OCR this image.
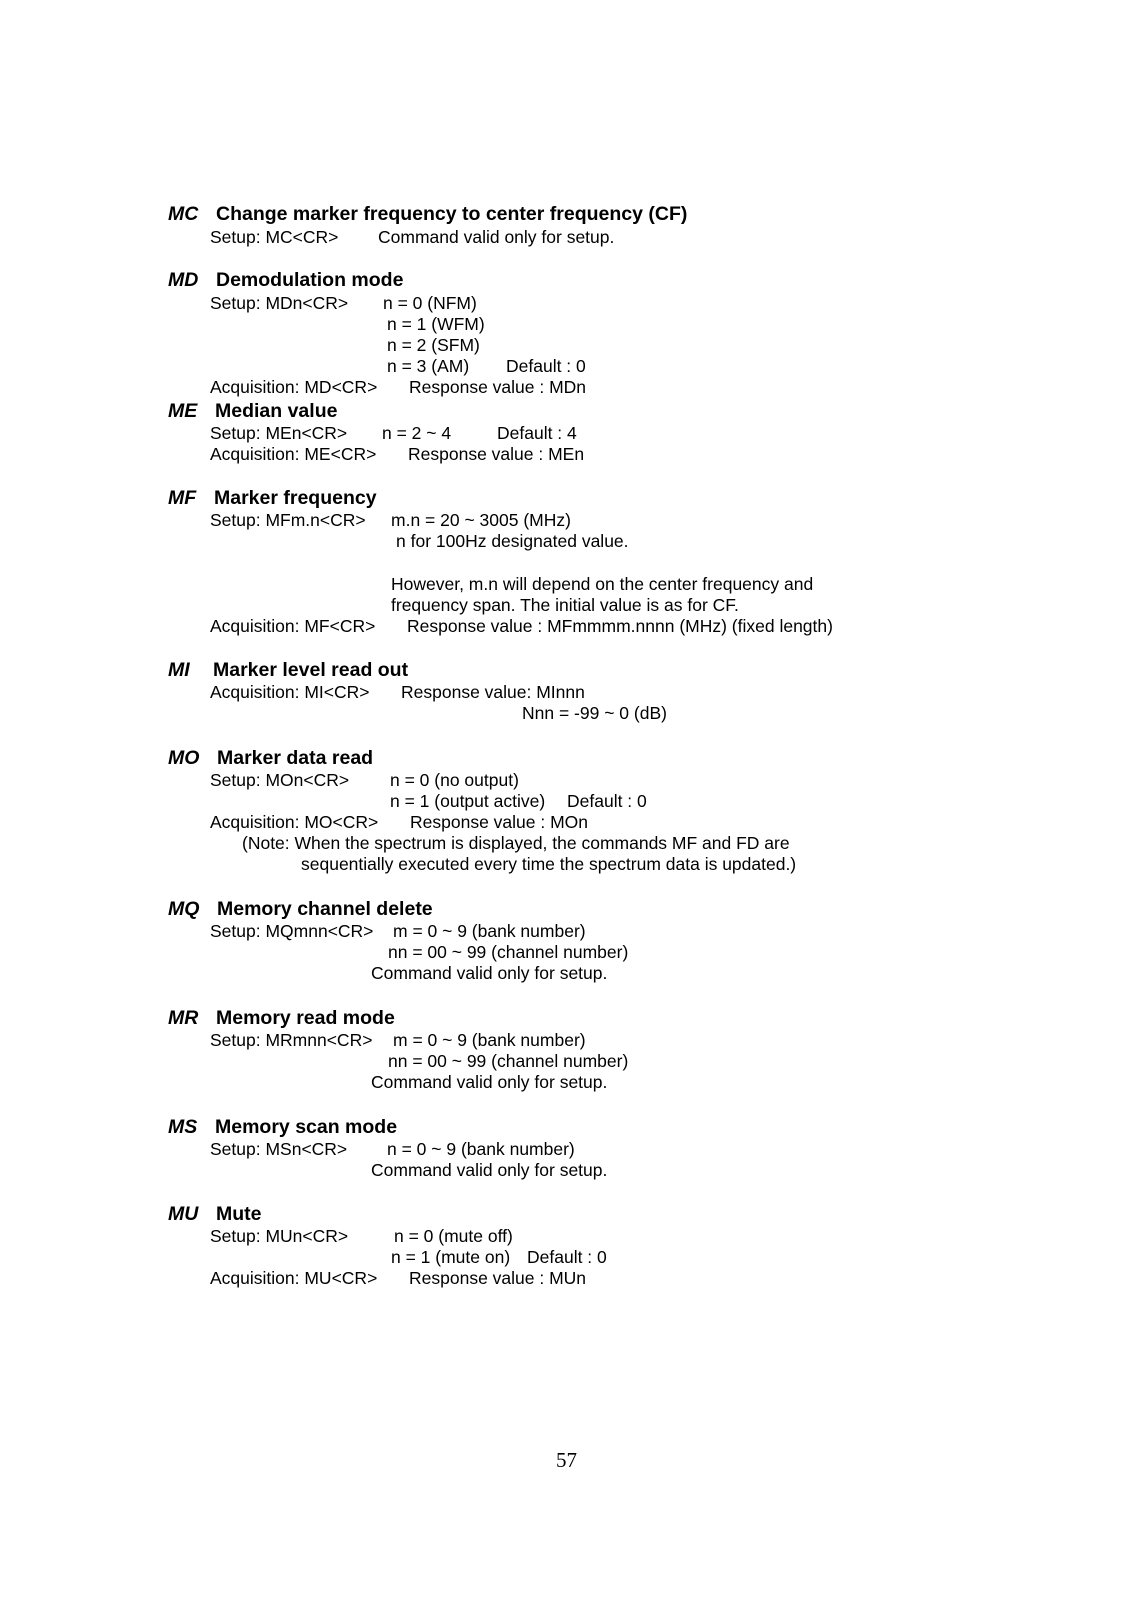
MC Change marker frequency to center frequency (CF)
Setup: MC<CR> Command valid only for setup.
MD Demodulation mode
Setup: MDn<CR> n = 0 (NFM)
n = 1 (WFM)
n = 2 (SFM)
n = 3 (AM) Default : 0
Acquisition: MD<CR> Response value : MDn
ME Median value
Setup: MEn<CR> n = 2 ~ 4	Default : 4
Acquisition: ME<CR> Response value : MEn
MF Marker frequency
Setup: MFm.n<CR> m.n = 20 ~ 3005 (MHz)
n for 100Hz designated value.
However, m.n will depend on the center frequency and
frequency span. The initial value is as for CF.
Acquisition: MF<CR> Response value : MFmmmm.nnnn (MHz) (fixed length)
MI Marker level read out
Acquisition: MI<CR> Response value: MInnn
Nnn = -99 ~ 0 (dB)
MO Marker data read
Setup: MOn<CR> n = 0 (no output)
n = 1 (output active) Default : 0
Acquisition: MO<CR> Response value : MOn
(Note: When the spectrum is displayed, the commands MF and FD are
sequentially executed every time the spectrum data is updated.)
MQ Memory channel delete
Setup: MQmnn<CR> m = 0 ~ 9 (bank number)
nn = 00 ~ 99 (channel number)
Command valid only for setup.
MR Memory read mode
Setup: MRmnn<CR> m = 0 ~ 9 (bank number)
nn = 00 ~ 99 (channel number)
Command valid only for setup.
MS Memory scan mode
Setup: MSn<CR> n = 0 ~ 9 (bank number)
Command valid only for setup.
MU Mute
Setup: MUn<CR>	n = 0 (mute off)
n = 1 (mute on) Default : 0
Acquisition: MU<CR> Response value : MUn
57
